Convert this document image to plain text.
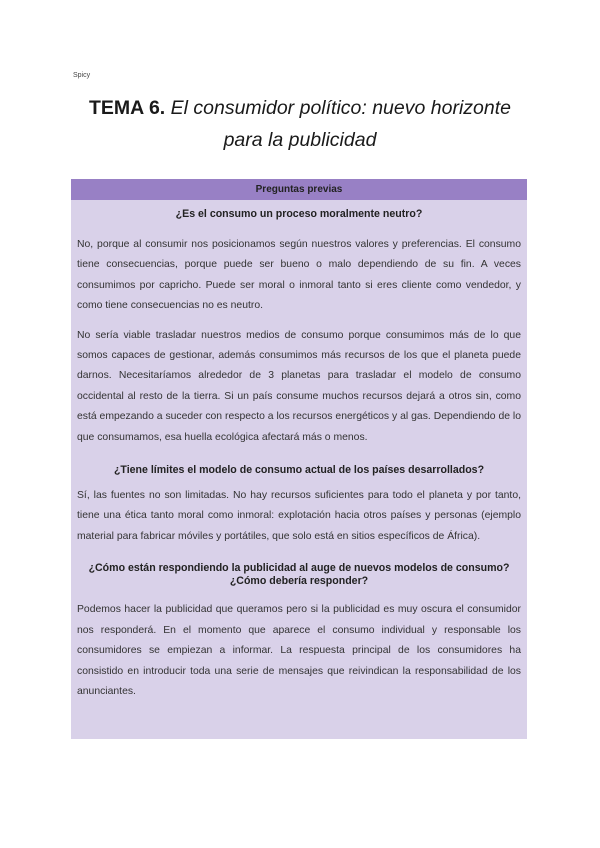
Spicy
TEMA 6. El consumidor político: nuevo horizonte
para la publicidad
Preguntas previas

¿Es el consumo un proceso moralmente neutro?

No, porque al consumir nos posicionamos según nuestros valores y preferencias. El consumo tiene consecuencias, porque puede ser bueno o malo dependiendo de su fin. A veces consumimos por capricho. Puede ser moral o inmoral tanto si eres cliente como vendedor, y como tiene consecuencias no es neutro.

No sería viable trasladar nuestros medios de consumo porque consumimos más de lo que somos capaces de gestionar, además consumimos más recursos de los que el planeta puede darnos. Necesitaríamos alrededor de 3 planetas para trasladar el modelo de consumo occidental al resto de la tierra. Si un país consume muchos recursos dejará a otros sin, como está empezando a suceder con respecto a los recursos energéticos y al gas. Dependiendo de lo que consumamos, esa huella ecológica afectará más o menos.

¿Tiene límites el modelo de consumo actual de los países desarrollados?

Sí, las fuentes no son limitadas. No hay recursos suficientes para todo el planeta y por tanto, tiene una ética tanto moral como inmoral: explotación hacia otros países y personas (ejemplo material para fabricar móviles y portátiles, que solo está en sitios específicos de África).

¿Cómo están respondiendo la publicidad al auge de nuevos modelos de consumo?
¿Cómo debería responder?

Podemos hacer la publicidad que queramos pero si la publicidad es muy oscura el consumidor nos responderá. En el momento que aparece el consumo individual y responsable los consumidores se empiezan a informar. La respuesta principal de los consumidores ha consistido en introducir toda una serie de mensajes que reivindican la responsabilidad de los anunciantes.
